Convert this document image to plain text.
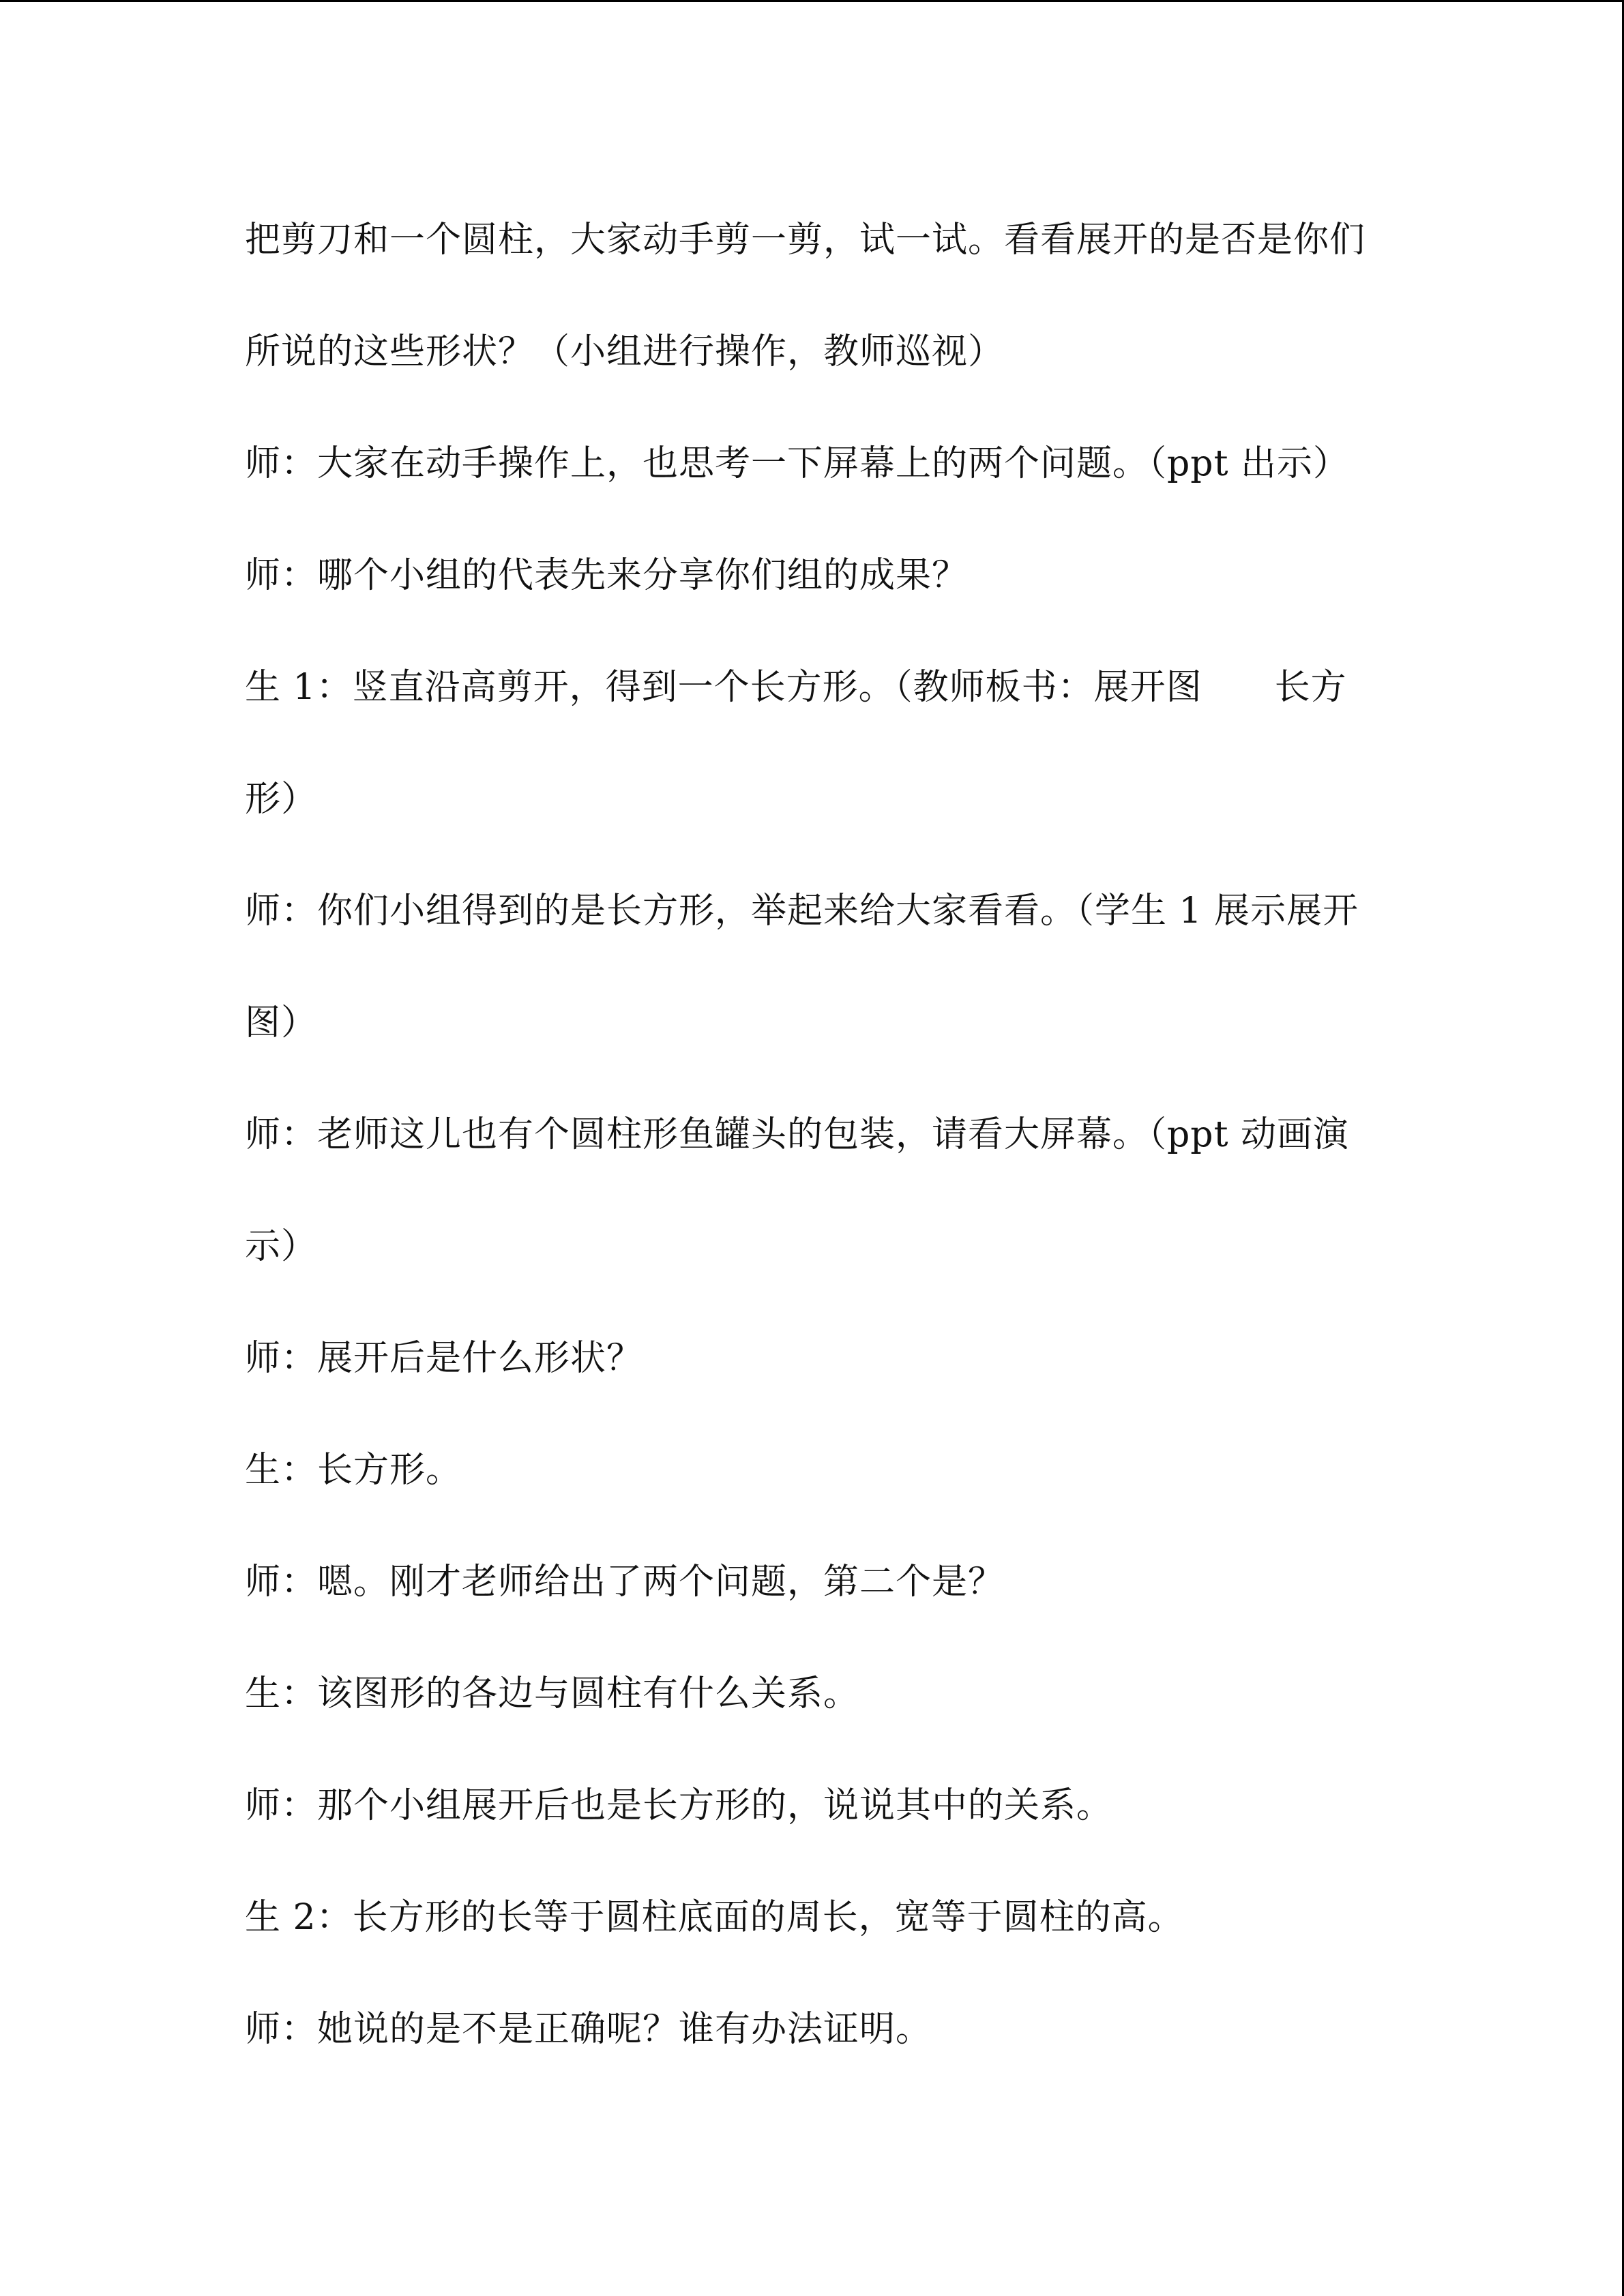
把剪刀和一个圆柱，大家动手剪一剪，试一试。看看展开的是否是你们所说的这些形状？（小组进行操作，教师巡视）

师：大家在动手操作上，也思考一下屏幕上的两个问题。（ppt 出示）

师：哪个小组的代表先来分享你们组的成果？

生 1：竖直沿高剪开，得到一个长方形。（教师板书：展开图　　长方形）

师：你们小组得到的是长方形，举起来给大家看看。（学生 1 展示展开图）

师：老师这儿也有个圆柱形鱼罐头的包装，请看大屏幕。（ppt 动画演示）

师：展开后是什么形状？

生：长方形。

师：嗯。刚才老师给出了两个问题，第二个是？

生：该图形的各边与圆柱有什么关系。

师：那个小组展开后也是长方形的，说说其中的关系。

生 2：长方形的长等于圆柱底面的周长，宽等于圆柱的高。

师：她说的是不是正确呢？谁有办法证明。
